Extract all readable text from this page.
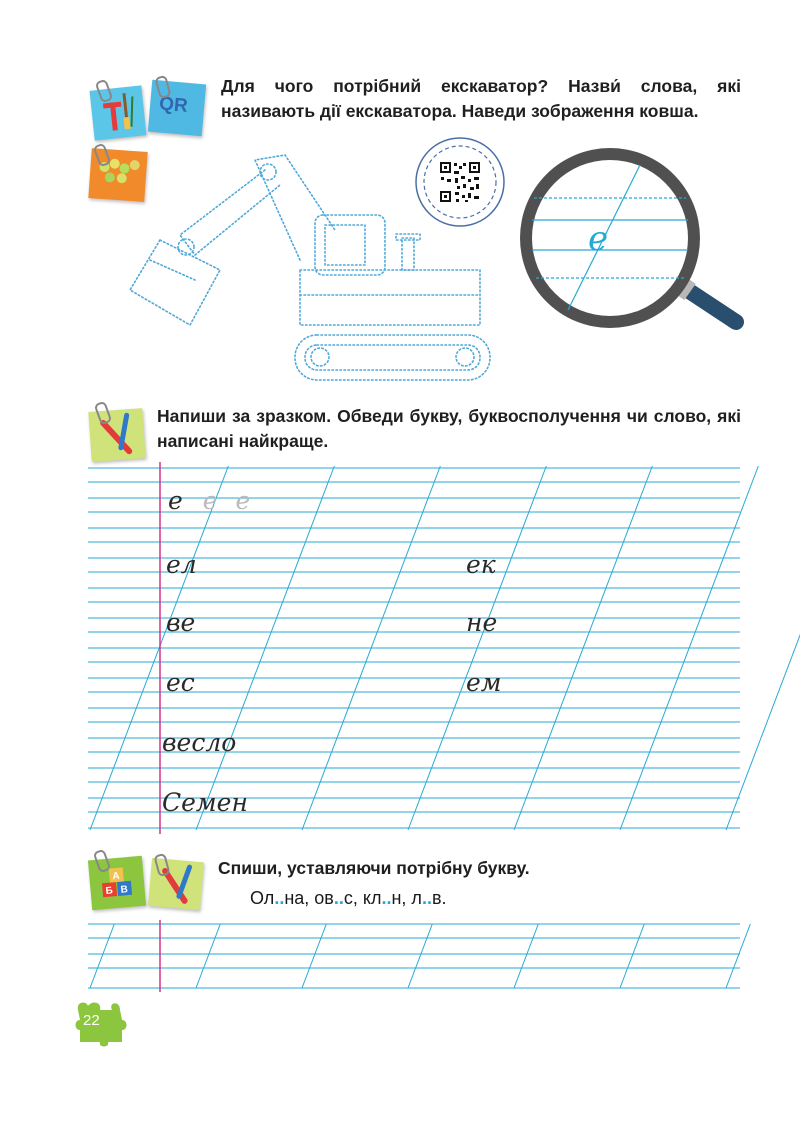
QR
Для чого потрібний екскаватор? Назви́ слова, які називають дії екскаватора. Наведи зображення ковша.
e
Напиши за зразком. Обведи букву, буквосполучення чи слово, які написані найкраще.
е е е
ел	ек
ве	не
ес	ем
весло
Семен
Б В
А	Спиши, уставляючи потрібну букву.
Ол..на, ов..с, кл..н, л..в.
22
